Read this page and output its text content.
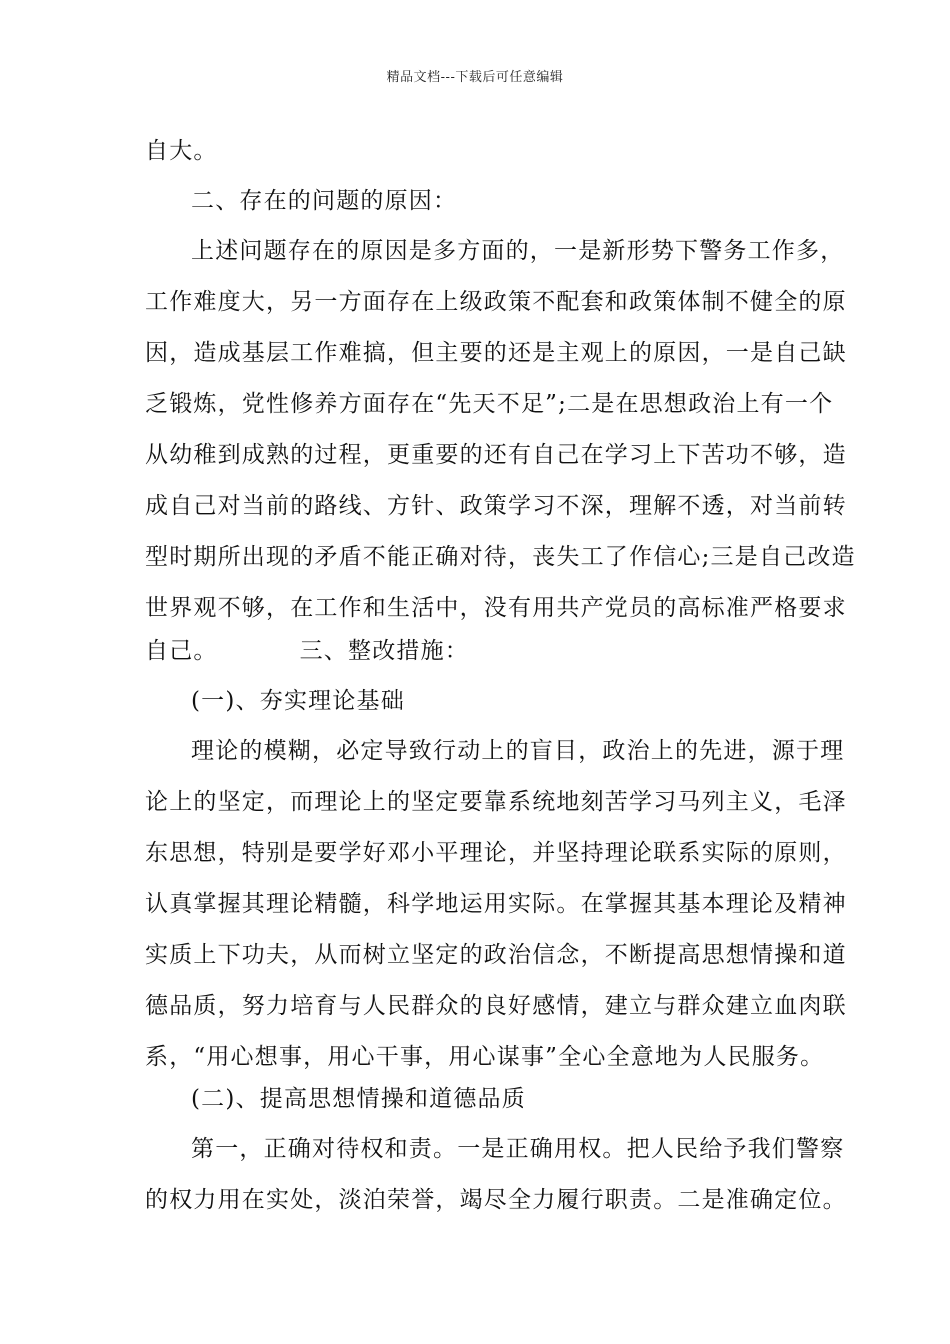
精品文档---下载后可任意编辑
自大。
二、存在的问题的原因：
上述问题存在的原因是多方面的，一是新形势下警务工作多，
工作难度大，另一方面存在上级政策不配套和政策体制不健全的原
因，造成基层工作难搞，但主要的还是主观上的原因，一是自己缺
乏锻炼，党性修养方面存在“先天不足”;二是在思想政治上有一个
从幼稚到成熟的过程，更重要的还有自己在学习上下苦功不够，造
成自己对当前的路线、方针、政策学习不深，理解不透，对当前转
型时期所出现的矛盾不能正确对待，丧失工了作信心;三是自己改造
世界观不够，在工作和生活中，没有用共产党员的高标准严格要求
自己。	三、整改措施：
(一)、夯实理论基础
理论的模糊，必定导致行动上的盲目，政治上的先进，源于理
论上的坚定，而理论上的坚定要靠系统地刻苦学习马列主义，毛泽
东思想，特别是要学好邓小平理论，并坚持理论联系实际的原则，
认真掌握其理论精髓，科学地运用实际。在掌握其基本理论及精神
实质上下功夫，从而树立坚定的政治信念，不断提高思想情操和道
德品质，努力培育与人民群众的良好感情，建立与群众建立血肉联
系，“用心想事，用心干事，用心谋事”全心全意地为人民服务。
(二)、提高思想情操和道德品质
第一，正确对待权和责。一是正确用权。把人民给予我们警察
的权力用在实处，淡泊荣誉，竭尽全力履行职责。二是准确定位。
